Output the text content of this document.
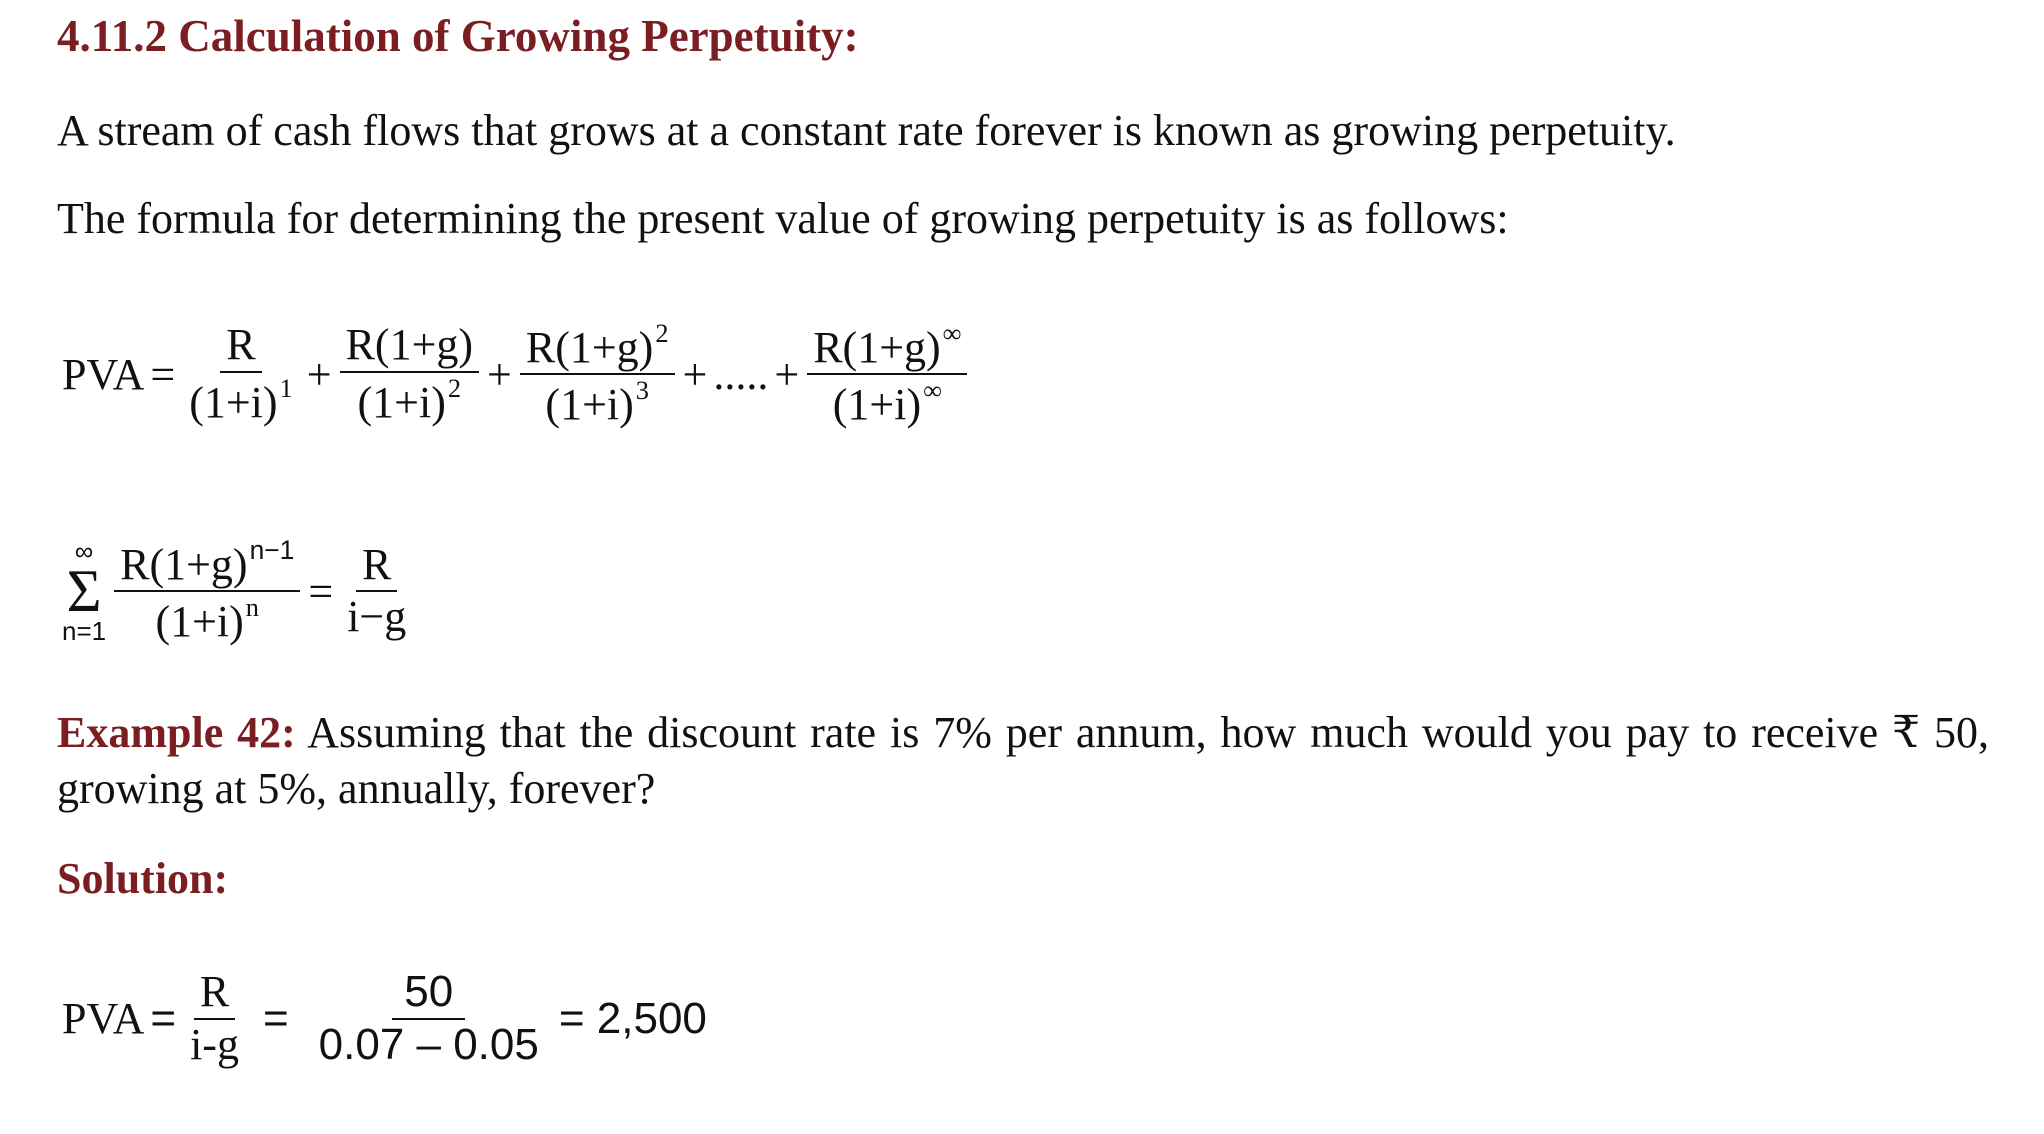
4.11.2 Calculation of Growing Perpetuity:
A stream of cash flows that grows at a constant rate forever is known as growing perpetuity.
The formula for determining the present value of growing perpetuity is as follows:
PVA = $\frac{R}{(1+i)^1} + \frac{R(1+g)}{(1+i)^2} + \frac{R(1+g)^2}{(1+i)^3}$ + ..... + $\frac{R(1+g)^\infty}{(1+i)^\infty}$
∞
Σ
$n=1 \frac{R(1+g)^{n-1}}{(1+i)^n} = \frac{R}{i-g}$
Example 42: Assuming that the discount rate is 7% per annum, how much would you pay to receive ₹ 50, growing at 5%, annually, forever?
Solution:
PVA = $\frac{R}{i-g} = \frac{50}{0.07 - 0.05} = 2,500$
